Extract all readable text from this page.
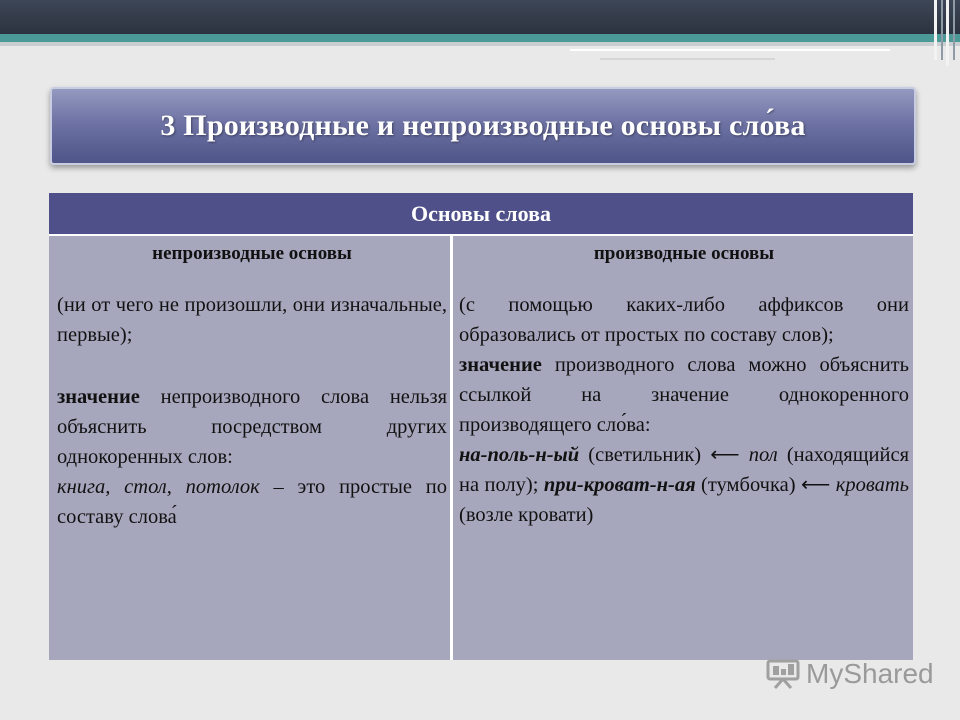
3 Производные и непроизводные основы сло́ва
Основы слова
непроизводные основы

(ни от чего не произошли, они изначальные, первые);

значение непроизводного слова нельзя объяснить посредством других однокоренных слов:

книга, стол, потолок – это простые по составу слова́

производные основы

(с помощью каких-либо аффиксов они образовались от простых по составу слов);

значение производного слова можно объяснить ссылкой на значение однокоренного производящего сло́ва:

на-поль-н-ый (светильник) ⟵ пол (находящийся на полу); при-кроват-н-ая (тумбочка) ⟵ кровать (возле кровати)

MyShared
